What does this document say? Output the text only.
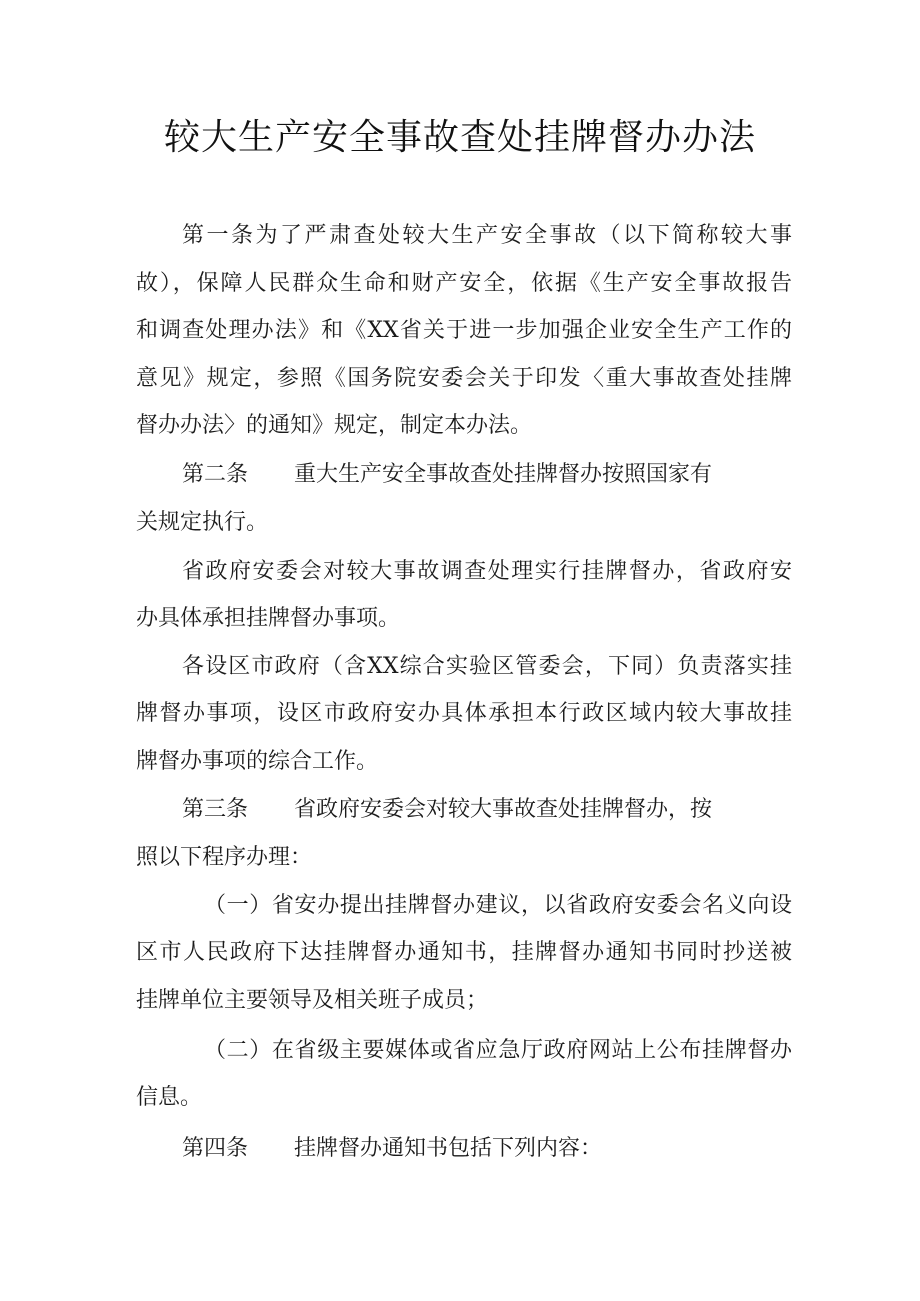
较大生产安全事故查处挂牌督办办法
第一条为了严肃查处较大生产安全事故（以下简称较大事
故），保障人民群众生命和财产安全，依据《生产安全事故报告
和调查处理办法》和《XX省关于进一步加强企业安全生产工作的
意见》规定，参照《国务院安委会关于印发〈重大事故查处挂牌
督办办法〉的通知》规定，制定本办法。
第二条 重大生产安全事故查处挂牌督办按照国家有
关规定执行。
省政府安委会对较大事故调查处理实行挂牌督办，省政府安
办具体承担挂牌督办事项。
各设区市政府（含XX综合实验区管委会，下同）负责落实挂
牌督办事项，设区市政府安办具体承担本行政区域内较大事故挂
牌督办事项的综合工作。
第三条 省政府安委会对较大事故查处挂牌督办，按
照以下程序办理：
（一）省安办提出挂牌督办建议，以省政府安委会名义向设
区市人民政府下达挂牌督办通知书，挂牌督办通知书同时抄送被
挂牌单位主要领导及相关班子成员；
（二）在省级主要媒体或省应急厅政府网站上公布挂牌督办
信息。
第四条 挂牌督办通知书包括下列内容：
